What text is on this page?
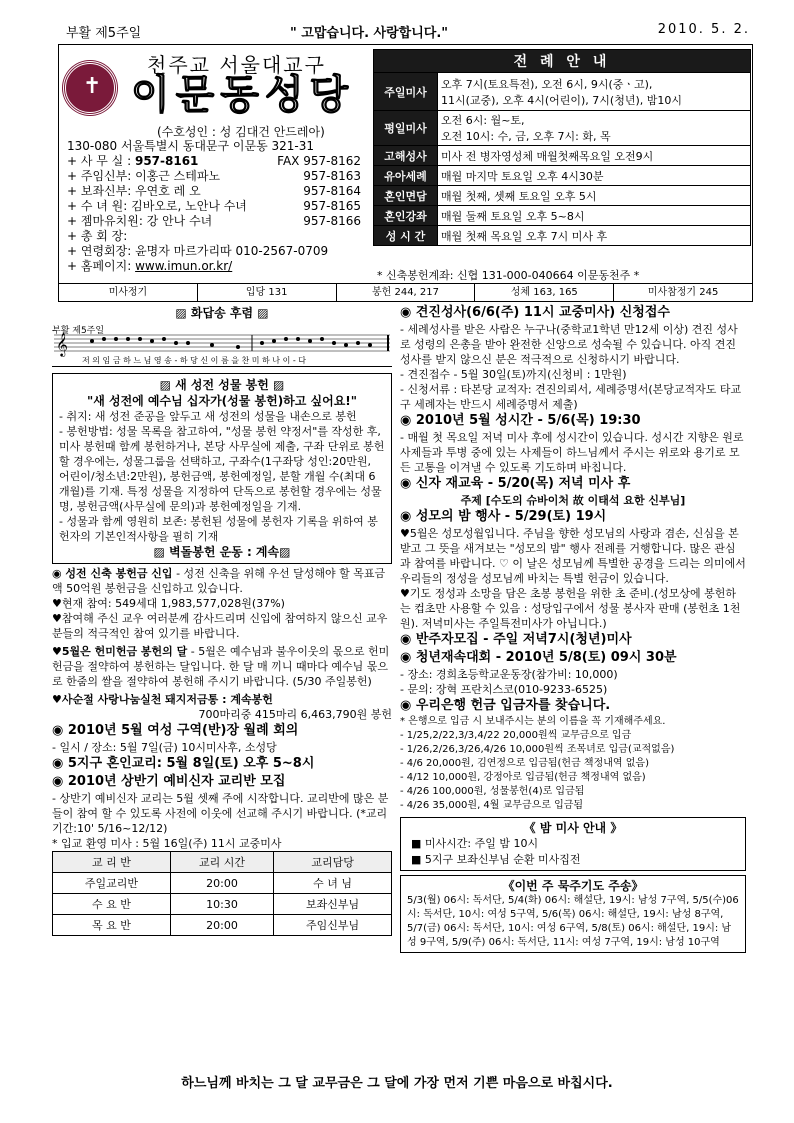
부활 제5주일	" 고맙습니다. 사랑합니다."	2010. 5. 2.
✝
천주교 서울대교구
이문동성당
(수호성인 : 성 김대건 안드레아)
130-080 서울특별시 동대문구 이문동 321-31
+ 사 무 실 : 957-8161	FAX 957-8162
+ 주임신부: 이홍근 스테파노	957-8163
+ 보좌신부: 우연호 레 오	957-8164
+ 수 녀 원: 김바오로, 노안나 수녀	957-8165
+ 젬마유치원: 강 안나 수녀	957-8166
+ 총 회 장:
+ 연령회장: 윤명자 마르가리따 010-2567-0709
+ 홈페이지: www.imun.or.kr/
전 례 안 내	
주일미사	오후 7시(토요특전), 오전 6시, 9시(중ㆍ고),
11시(교중), 오후 4시(어린이), 7시(청년), 밤10시
평일미사	오전 6시: 월~토,
오전 10시: 수, 금, 오후 7시: 화, 목
고해성사	미사 전 병자영성체 매월첫째목요일 오전9시
유아세례	매월 마지막 토요일 오후 4시30분
혼인면담	매월 첫째, 셋째 토요일 오후 5시
혼인강좌	매월 둘째 토요일 오후 5~8시
성 시 간	매월 첫째 목요일 오후 7시 미사 후
* 신축봉헌계좌: 신협 131-000-040664 이문동천주 *
미사정기	입당 131	봉헌 244, 217	성체 163, 165	미사참정기 245
▨ 화답송 후렴 ▨
부활 제5주일
𝄞
저 의 임 금 하 느 님 영 송 - 하 당 신 이 름 을 찬 미 하 나 이 - 다
▨ 새 성전 성물 봉헌 ▨
"새 성전에 예수님 십자가(성물 봉헌)하고 싶어요!"

- 취지: 새 성전 준공을 앞두고 새 성전의 성물을 내손으로 봉헌

- 봉헌방법: 성물 목록을 참고하여, "성물 봉헌 약정서"를 작성한 후, 미사 봉헌때 함께 봉헌하거나, 본당 사무실에 제출, 구좌 단위로 봉헌할 경우에는, 성물그룹을 선택하고, 구좌수(1구좌당 성인:20만원, 어린이/청소년:2만원), 봉헌금액, 봉헌예정일, 분할 개월 수(최대 6개월)를 기재. 특정 성물을 지정하여 단독으로 봉헌할 경우에는 성물명, 봉헌금액(사무실에 문의)과 봉헌예정일을 기재.

- 성물과 함께 영원히 보존: 봉헌된 성물에 봉헌자 기록을 위하여 봉헌자의 기본인적사항을 필히 기재

▨ 벽돌봉헌 운동 : 계속▨

◉ 성전 신축 봉헌금 신입 - 성전 신축을 위해 우선 달성해야 할 목표금액 50억원 봉헌금을 신입하고 있습니다.

♥현재 참여: 549세대 1,983,577,028원(37%)

♥참여해 주신 교우 여러분께 감사드리며 신입에 참여하지 않으신 교우 분들의 적극적인 참여 있기를 바랍니다.

♥5월은 헌미헌금 봉헌의 달 - 5월은 예수님과 불우이웃의 몫으로 헌미헌금을 절약하여 봉헌하는 달입니다. 한 달 매 끼니 때마다 예수님 몫으로 한줌의 쌀을 절약하여 봉헌해 주시기 바랍니다. (5/30 주일봉헌)

♥사순절 사랑나눔실천 돼지저금통 : 계속봉헌

700마리중 415마리 6,463,790원 봉헌

◉ 2010년 5월 여성 구역(반)장 월례 회의

- 일시 / 장소: 5월 7일(금) 10시미사후, 소성당

◉ 5지구 혼인교리: 5월 8일(토) 오후 5~8시
◉ 2010년 상반기 예비신자 교리반 모집

- 상반기 예비신자 교리는 5월 셋째 주에 시작합니다. 교리반에 많은 분들이 참여 할 수 있도록 사전에 이웃에 선교해 주시기 바랍니다. (*교리기간:10' 5/16~12/12)
* 입교 환영 미사 : 5월 16일(주) 11시 교중미사

교 리 반	교리 시간	교리담당
주일교리반	20:00	수 녀 님
수 요 반	10:30	보좌신부님
목 요 반	20:00	주임신부님
◉ 견진성사(6/6(주) 11시 교중미사) 신청접수

- 세례성사를 받은 사람은 누구나(중학교1학년 만12세 이상) 견진 성사로 성령의 은총을 받아 완전한 신앙으로 성숙될 수 있습니다. 아직 견진성사를 받지 않으신 분은 적극적으로 신청하시기 바랍니다.
- 견진접수 - 5월 30일(토)까지(신청비 : 1만원)
- 신청서류 : 타본당 교적자: 견진의뢰서, 세례증명서(본당교적자도 타교구 세례자는 반드시 세례증명서 제출)

◉ 2010년 5월 성시간 - 5/6(목) 19:30

- 매월 첫 목요일 저녁 미사 후에 성시간이 있습니다. 성시간 지향은 원로 사제들과 투병 중에 있는 사제들이 하느님께서 주시는 위로와 용기로 모든 고통을 이겨낼 수 있도록 기도하며 바칩니다.

◉ 신자 재교육 - 5/20(목) 저녁 미사 후

주제 [수도의 슈바이처 故 이태석 요한 신부님]

◉ 성모의 밤 행사 - 5/29(토) 19시

♥5월은 성모성월입니다. 주님을 향한 성모님의 사랑과 겸손, 신심을 본받고 그 뜻을 새겨보는 "성모의 밤" 행사 전례를 거행합니다. 많은 관심과 참여를 바랍니다. ♡ 이 날은 성모님께 특별한 공경을 드리는 의미에서 우리들의 정성을 성모님께 바치는 특별 헌금이 있습니다.
♥기도 정성과 소망을 담은 초봉 봉헌을 위한 초 준비.(성모상에 봉헌하는 컵초만 사용할 수 있음 : 성당입구에서 성물 봉사자 판매 (봉헌초 1천원). 저녁미사는 주일특전미사가 아닙니다.)

◉ 반주자모집 - 주일 저녁7시(청년)미사
◉ 청년재속대회 - 2010년 5/8(토) 09시 30분

- 장소: 경희초등학교운동장(참가비: 10,000)
- 문의: 장혁 프란치스코(010-9233-6525)

◉ 우리은행 헌금 입금자를 찾습니다.

* 은행으로 입금 시 보내주시는 분의 이름을 꼭 기재해주세요.
- 1/25,2/22,3/3,4/22 20,000원씩 교무금으로 입금
- 1/26,2/26,3/26,4/26 10,000원씩 조목녀로 입금(교적없음)
- 4/6 20,000원, 김연정으로 입금됨(헌금 책정내역 없음)
- 4/12 10,000원, 강정아로 입금됨(헌금 책정내역 없음)
- 4/26 100,000원, 성물봉헌(4)로 입금됨
- 4/26 35,000원, 4월 교무금으로 입금됨

《 밤 미사 안내 》
■ 미사시간: 주일 밤 10시
■ 5지구 보좌신부님 순환 미사집전
《이번 주 묵주기도 주송》

5/3(월) 06시: 독서단, 5/4(화) 06시: 해설단, 19시: 남성 7구역, 5/5(수)06시: 독서단, 10시: 여성 5구역, 5/6(목) 06시: 해설단, 19시: 남성 8구역, 5/7(금) 06시: 독서단, 10시: 여성 6구역, 5/8(토) 06시: 해설단, 19시: 남성 9구역, 5/9(주) 06시: 독서단, 11시: 여성 7구역, 19시: 남성 10구역

하느님께 바치는 그 달 교무금은 그 달에 가장 먼저 기쁜 마음으로 바칩시다.
